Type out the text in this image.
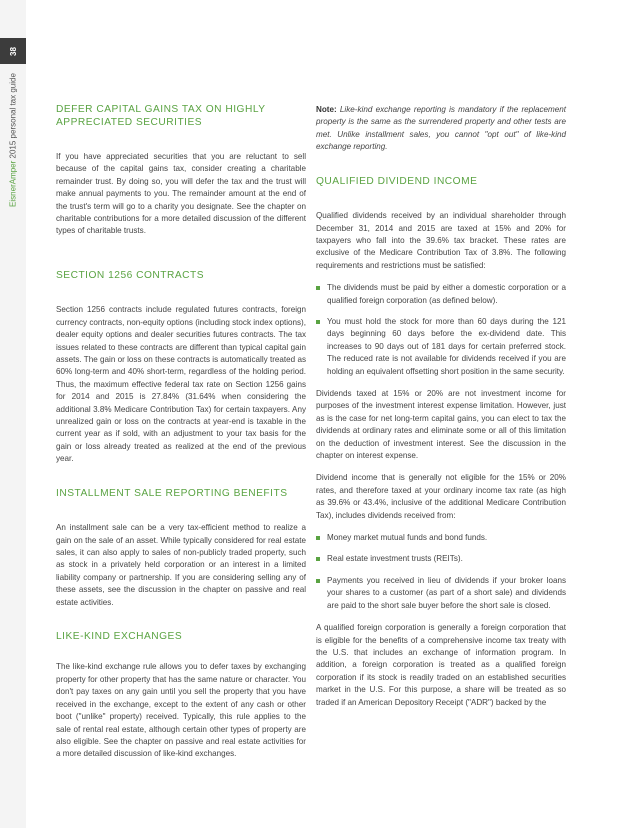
38
EisnerAmper 2015 personal tax guide	DEFER CAPITAL GAINS TAX ON HIGHLY APPRECIATED SECURITIES

If you have appreciated securities that you are reluctant to sell because of the capital gains tax, consider creating a charitable remainder trust. By doing so, you will defer the tax and the trust will make annual payments to you. The remainder amount at the end of the trust's term will go to a charity you designate. See the chapter on charitable contributions for a more detailed discussion of the different types of charitable trusts.

SECTION 1256 CONTRACTS

Section 1256 contracts include regulated futures contracts, foreign currency contracts, non-equity options (including stock index options), dealer equity options and dealer securities futures contracts. The tax issues related to these contracts are different than typical capital gain assets. The gain or loss on these contracts is automatically treated as 60% long-term and 40% short-term, regardless of the holding period. Thus, the maximum effective federal tax rate on Section 1256 gains for 2014 and 2015 is 27.84% (31.64% when considering the additional 3.8% Medicare Contribution Tax) for certain taxpayers. Any unrealized gain or loss on the contracts at year-end is taxable in the current year as if sold, with an adjustment to your tax basis for the gain or loss already treated as realized at the end of the previous year.

INSTALLMENT SALE REPORTING BENEFITS

An installment sale can be a very tax-efficient method to realize a gain on the sale of an asset. While typically considered for real estate sales, it can also apply to sales of non-publicly traded property, such as stock in a privately held corporation or an interest in a limited liability company or partnership. If you are considering selling any of these assets, see the discussion in the chapter on passive and real estate activities.

LIKE-KIND EXCHANGES

The like-kind exchange rule allows you to defer taxes by exchanging property for other property that has the same nature or character. You don't pay taxes on any gain until you sell the property that you have received in the exchange, except to the extent of any cash or other boot ("unlike" property) received. Typically, this rule applies to the sale of rental real estate, although certain other types of property are also eligible. See the chapter on passive and real estate activities for a more detailed discussion of like-kind exchanges.

Note: Like-kind exchange reporting is mandatory if the replacement property is the same as the surrendered property and other tests are met. Unlike installment sales, you cannot "opt out" of like-kind exchange reporting.

QUALIFIED DIVIDEND INCOME

Qualified dividends received by an individual shareholder through December 31, 2014 and 2015 are taxed at 15% and 20% for taxpayers who fall into the 39.6% tax bracket. These rates are exclusive of the Medicare Contribution Tax of 3.8%. The following requirements and restrictions must be satisfied:

The dividends must be paid by either a domestic corporation or a qualified foreign corporation (as defined below).
You must hold the stock for more than 60 days during the 121 days beginning 60 days before the ex-dividend date. This increases to 90 days out of 181 days for certain preferred stock. The reduced rate is not available for dividends received if you are holding an equivalent offsetting short position in the same security.

Dividends taxed at 15% or 20% are not investment income for purposes of the investment interest expense limitation. However, just as is the case for net long-term capital gains, you can elect to tax the dividends at ordinary rates and eliminate some or all of this limitation on the deduction of investment interest. See the discussion in the chapter on interest expense.

Dividend income that is generally not eligible for the 15% or 20% rates, and therefore taxed at your ordinary income tax rate (as high as 39.6% or 43.4%, inclusive of the additional Medicare Contribution Tax), includes dividends received from:

Money market mutual funds and bond funds.
Real estate investment trusts (REITs).
Payments you received in lieu of dividends if your broker loans your shares to a customer (as part of a short sale) and dividends are paid to the short sale buyer before the short sale is closed.

A qualified foreign corporation is generally a foreign corporation that is eligible for the benefits of a comprehensive income tax treaty with the U.S. that includes an exchange of information program. In addition, a foreign corporation is treated as a qualified foreign corporation if its stock is readily traded on an established securities market in the U.S. For this purpose, a share will be treated as so traded if an American Depository Receipt ("ADR") backed by the
